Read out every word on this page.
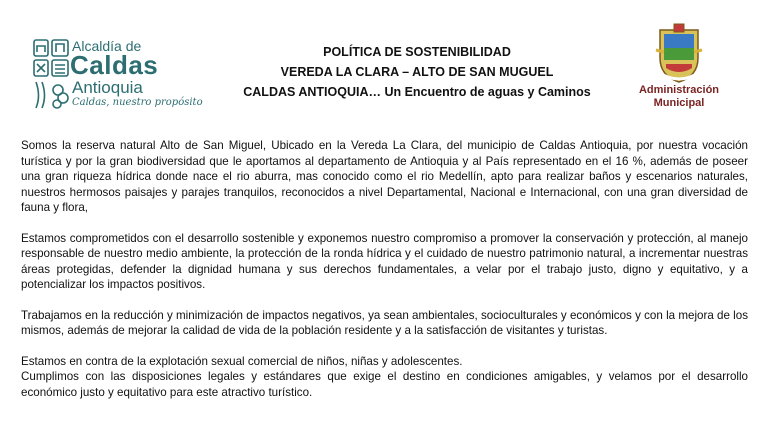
Alcaldía de
Caldas
Antioquia
Caldas, nuestro propósito
POLÍTICA DE SOSTENIBILIDAD
VEREDA LA CLARA – ALTO DE SAN MUGUEL
CALDAS ANTIOQUIA… Un Encuentro de aguas y Caminos	Administración
Municipal

Somos la reserva natural Alto de San Miguel, Ubicado en la Vereda La Clara, del municipio de Caldas Antioquia, por nuestra vocación turística y por la gran biodiversidad que le aportamos al departamento de Antioquia y al País representado en el 16 %, además de poseer una gran riqueza hídrica donde nace el rio aburra, mas conocido como el rio Medellín, apto para realizar baños y escenarios naturales, nuestros hermosos paisajes y parajes tranquilos, reconocidos a nivel Departamental, Nacional e Internacional, con una gran diversidad de fauna y flora,

Estamos comprometidos con el desarrollo sostenible y exponemos nuestro compromiso a promover la conservación y protección, al manejo responsable de nuestro medio ambiente, la protección de la ronda hídrica y el cuidado de nuestro patrimonio natural, a incrementar nuestras áreas protegidas, defender la dignidad humana y sus derechos fundamentales, a velar por el trabajo justo, digno y equitativo, y a potencializar los impactos positivos.

Trabajamos en la reducción y minimización de impactos negativos, ya sean ambientales, socioculturales y económicos y con la mejora de los mismos, además de mejorar la calidad de vida de la población residente y a la satisfacción de visitantes y turistas.

Estamos en contra de la explotación sexual comercial de niños, niñas y adolescentes.

Cumplimos con las disposiciones legales y estándares que exige el destino en condiciones amigables, y velamos por el desarrollo económico justo y equitativo para este atractivo turístico.
